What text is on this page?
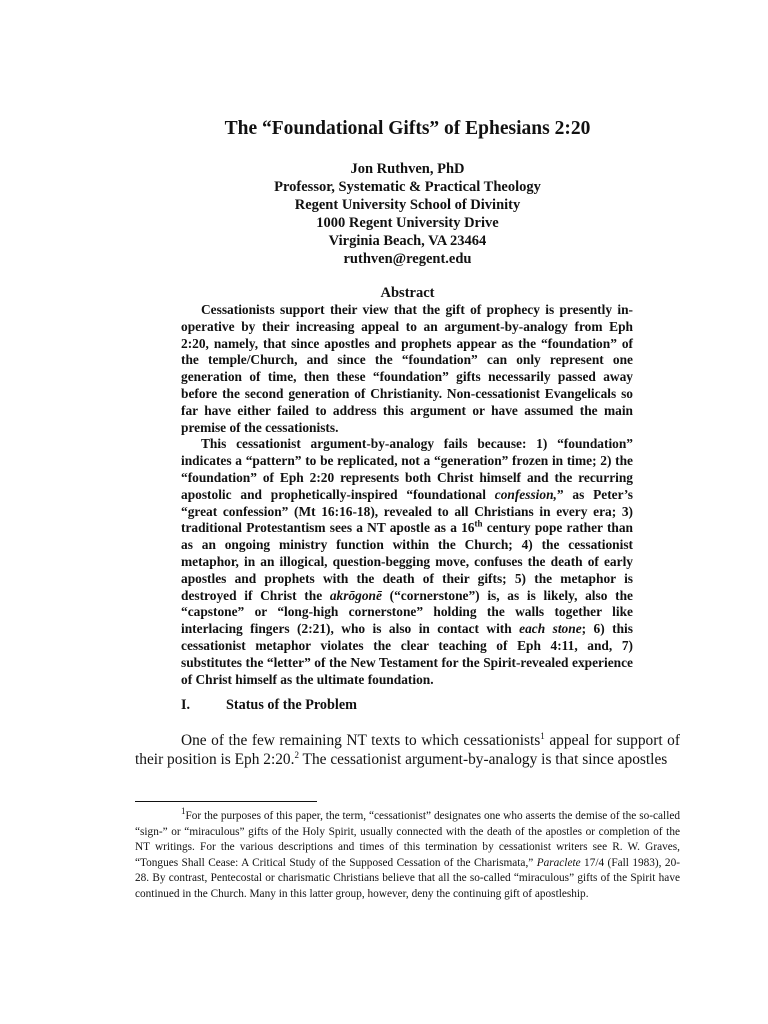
The “Foundational Gifts” of Ephesians 2:20
Jon Ruthven, PhD
Professor, Systematic & Practical Theology
Regent University School of Divinity
1000 Regent University Drive
Virginia Beach, VA 23464
ruthven@regent.edu
Abstract

Cessationists support their view that the gift of prophecy is presently in-operative by their increasing appeal to an argument-by-analogy from Eph 2:20, namely, that since apostles and prophets appear as the “foundation” of the temple/Church, and since the “foundation” can only represent one generation of time, then these “foundation” gifts necessarily passed away before the second generation of Christianity. Non-cessationist Evangelicals so far have either failed to address this argument or have assumed the main premise of the cessationists.

This cessationist argument-by-analogy fails because: 1) “foundation” indicates a “pattern” to be replicated, not a “generation” frozen in time; 2) the “foundation” of Eph 2:20 represents both Christ himself and the recurring apostolic and prophetically-inspired “foundational confession,” as Peter’s “great confession” (Mt 16:16-18), revealed to all Christians in every era; 3) traditional Protestantism sees a NT apostle as a 16th century pope rather than as an ongoing ministry function within the Church; 4) the cessationist metaphor, in an illogical, question-begging move, confuses the death of early apostles and prophets with the death of their gifts; 5) the metaphor is destroyed if Christ the akrōgonē (“cornerstone”) is, as is likely, also the “capstone” or “long-high cornerstone” holding the walls together like interlacing fingers (2:21), who is also in contact with each stone; 6) this cessationist metaphor violates the clear teaching of Eph 4:11, and, 7) substitutes the “letter” of the New Testament for the Spirit-revealed experience of Christ himself as the ultimate foundation.

I.	Status of the Problem

One of the few remaining NT texts to which cessationists$^1$ appeal for support of their position is Eph 2:20.$^2$ The cessationist argument-by-analogy is that since apostles

$^1$For the purposes of this paper, the term, “cessationist” designates one who asserts the demise of the so-called “sign-” or “miraculous” gifts of the Holy Spirit, usually connected with the death of the apostles or completion of the NT writings. For the various descriptions and times of this termination by cessationist writers see R. W. Graves, “Tongues Shall Cease: A Critical Study of the Supposed Cessation of the Charismata,” Paraclete 17/4 (Fall 1983), 20-28. By contrast, Pentecostal or charismatic Christians believe that all the so-called “miraculous” gifts of the Spirit have continued in the Church. Many in this latter group, however, deny the continuing gift of apostleship.
